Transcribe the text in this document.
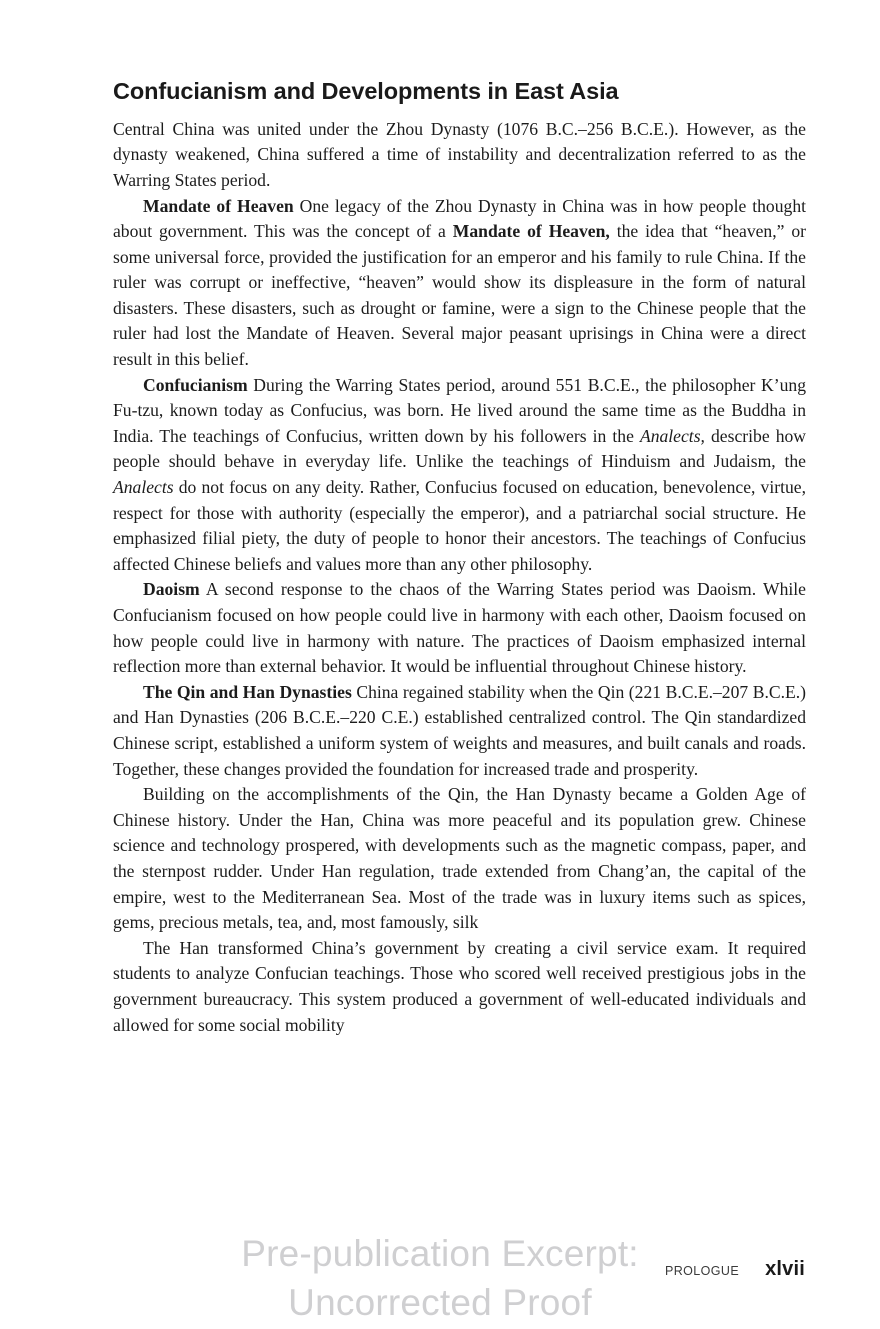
Confucianism and Developments in East Asia

Central China was united under the Zhou Dynasty (1076 B.C.–256 B.C.E.). However, as the dynasty weakened, China suffered a time of instability and decentralization referred to as the Warring States period.

Mandate of Heaven One legacy of the Zhou Dynasty in China was in how people thought about government. This was the concept of a Mandate of Heaven, the idea that “heaven,” or some universal force, provided the justification for an emperor and his family to rule China. If the ruler was corrupt or ineffective, “heaven” would show its displeasure in the form of natural disasters. These disasters, such as drought or famine, were a sign to the Chinese people that the ruler had lost the Mandate of Heaven. Several major peasant uprisings in China were a direct result in this belief.

Confucianism During the Warring States period, around 551 B.C.E., the philosopher K’ung Fu-tzu, known today as Confucius, was born. He lived around the same time as the Buddha in India. The teachings of Confucius, written down by his followers in the Analects, describe how people should behave in everyday life. Unlike the teachings of Hinduism and Judaism, the Analects do not focus on any deity. Rather, Confucius focused on education, benevolence, virtue, respect for those with authority (especially the emperor), and a patriarchal social structure. He emphasized filial piety, the duty of people to honor their ancestors. The teachings of Confucius affected Chinese beliefs and values more than any other philosophy.

Daoism A second response to the chaos of the Warring States period was Daoism. While Confucianism focused on how people could live in harmony with each other, Daoism focused on how people could live in harmony with nature. The practices of Daoism emphasized internal reflection more than external behavior. It would be influential throughout Chinese history.

The Qin and Han Dynasties China regained stability when the Qin (221 B.C.E.–207 B.C.E.) and Han Dynasties (206 B.C.E.–220 C.E.) established centralized control. The Qin standardized Chinese script, established a uniform system of weights and measures, and built canals and roads. Together, these changes provided the foundation for increased trade and prosperity.

Building on the accomplishments of the Qin, the Han Dynasty became a Golden Age of Chinese history. Under the Han, China was more peaceful and its population grew. Chinese science and technology prospered, with developments such as the magnetic compass, paper, and the sternpost rudder. Under Han regulation, trade extended from Chang’an, the capital of the empire, west to the Mediterranean Sea. Most of the trade was in luxury items such as spices, gems, precious metals, tea, and, most famously, silk

The Han transformed China’s government by creating a civil service exam. It required students to analyze Confucian teachings. Those who scored well received prestigious jobs in the government bureaucracy. This system produced a government of well-educated individuals and allowed for some social mobility

Pre-publication Excerpt:
Uncorrected Proof
PROLOGUE xlvii
